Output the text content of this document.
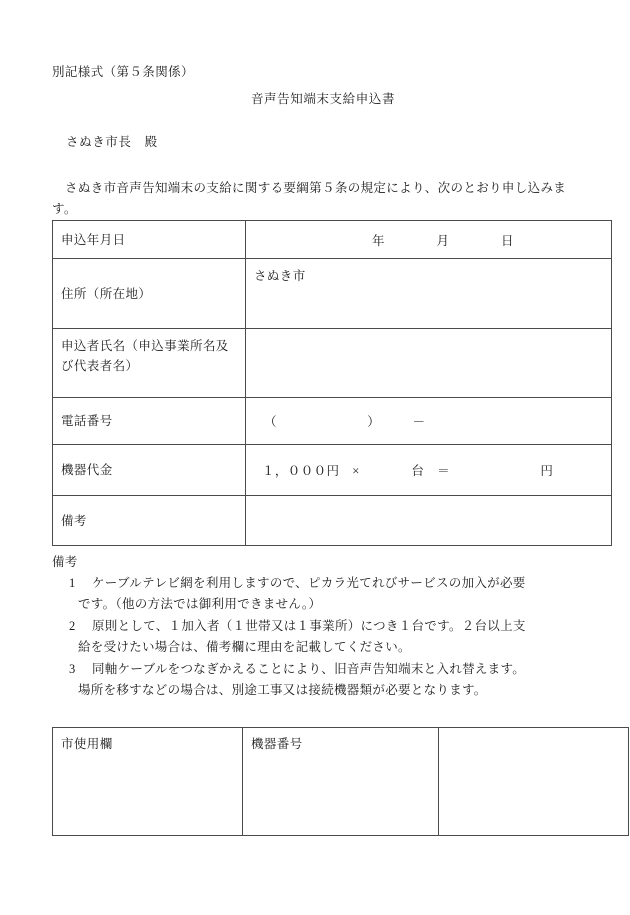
別記様式（第５条関係）
音声告知端末支給申込書
さぬき市長　殿
さぬき市音声告知端末の支給に関する要綱第５条の規定により、次のとおり申し込みます。
申込年月日	年　　　　月　　　　日

住所（所在地）	さぬき市
申込者氏名（申込事業所名及び代表者名）	
電話番号	（　　　　　　　）　　　－

機器代金	１，０００円　×　　　　台　＝　　　　　　　円

備考	
備考
1 ケーブルテレビ網を利用しますので、ピカラ光てれびサービスの加入が必要
です。（他の方法では御利用できません。）
2 原則として、１加入者（１世帯又は１事業所）につき１台です。２台以上支
給を受けたい場合は、備考欄に理由を記載してください。
3 同軸ケーブルをつなぎかえることにより、旧音声告知端末と入れ替えます。
場所を移すなどの場合は、別途工事又は接続機器類が必要となります。
市使用欄	機器番号	
